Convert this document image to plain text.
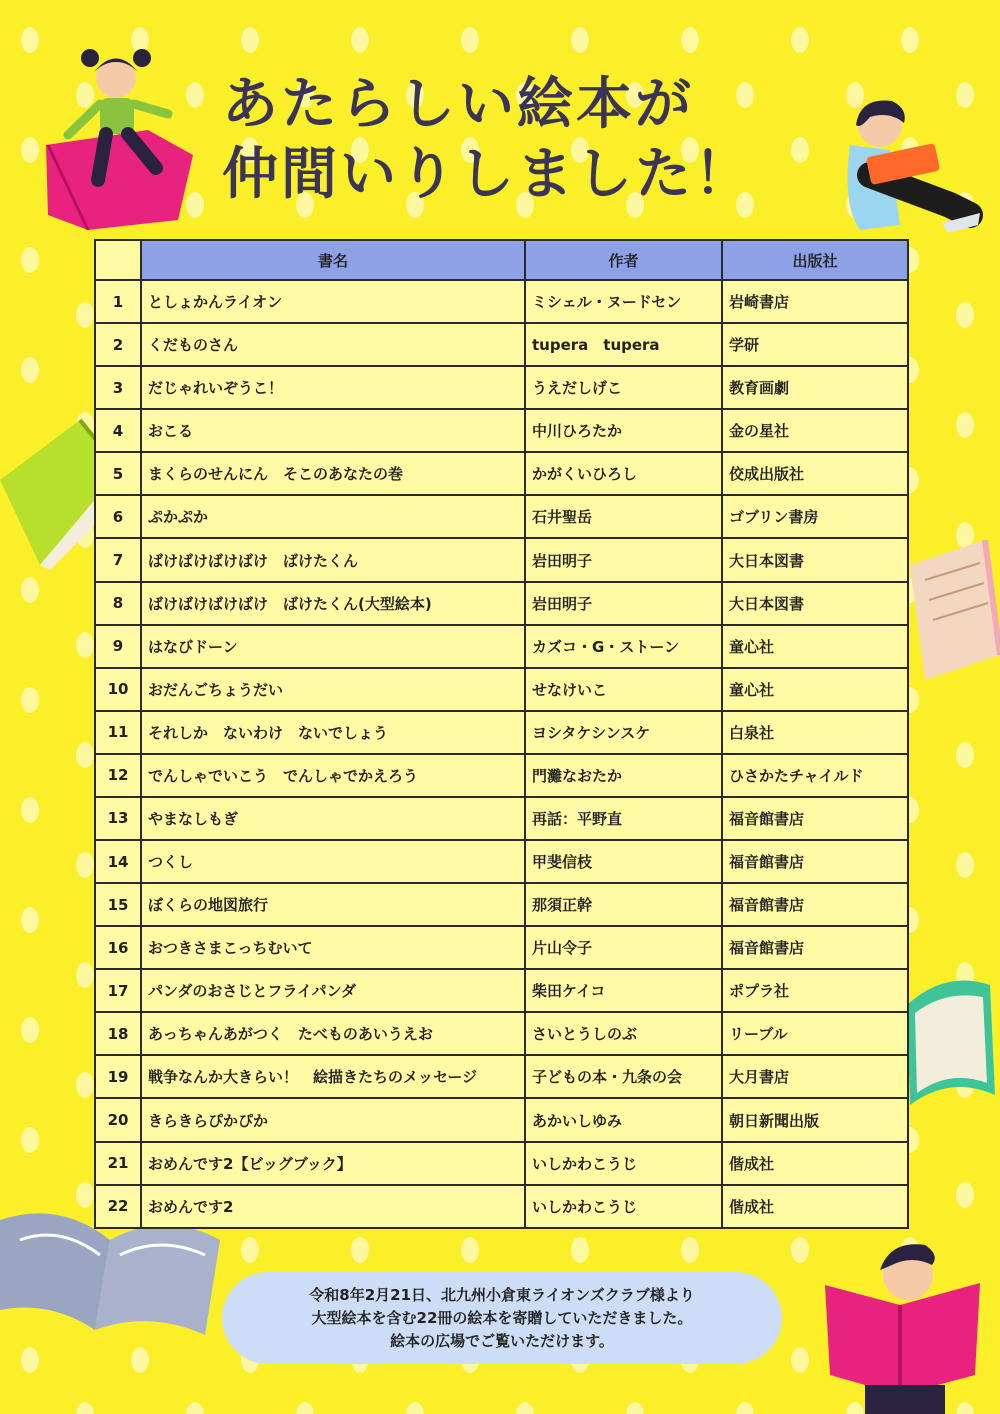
あたらしい絵本が
仲間いりしました！
	書名	作者	出版社
1	としょかんライオン	ミシェル・ヌードセン	岩崎書店
2	くだものさん	tupera　tupera	学研
3	だじゃれいぞうこ！	うえだしげこ	教育画劇
4	おこる	中川ひろたか	金の星社
5	まくらのせんにん　そこのあなたの巻	かがくいひろし	佼成出版社
6	ぷかぷか	石井聖岳	ゴブリン書房
7	ばけばけばけばけ　ばけたくん	岩田明子	大日本図書
8	ばけばけばけばけ　ばけたくん(大型絵本)	岩田明子	大日本図書
9	はなびドーン	カズコ・G・ストーン	童心社
10	おだんごちょうだい	せなけいこ	童心社
11	それしか　ないわけ　ないでしょう	ヨシタケシンスケ	白泉社
12	でんしゃでいこう　でんしゃでかえろう	門灘なおたか	ひさかたチャイルド
13	やまなしもぎ	再話：平野直	福音館書店
14	つくし	甲斐信枝	福音館書店
15	ぼくらの地図旅行	那須正幹	福音館書店
16	おつきさまこっちむいて	片山令子	福音館書店
17	パンダのおさじとフライパンダ	柴田ケイコ	ポプラ社
18	あっちゃんあがつく　たべものあいうえお	さいとうしのぶ	リーブル
19	戦争なんか大きらい！　絵描きたちのメッセージ	子どもの本・九条の会	大月書店
20	きらきらぴかぴか	あかいしゆみ	朝日新聞出版
21	おめんです2【ビッグブック】	いしかわこうじ	偕成社
22	おめんです2	いしかわこうじ	偕成社
令和8年2月21日、北九州小倉東ライオンズクラブ様より
大型絵本を含む22冊の絵本を寄贈していただきました。
絵本の広場でご覧いただけます。
